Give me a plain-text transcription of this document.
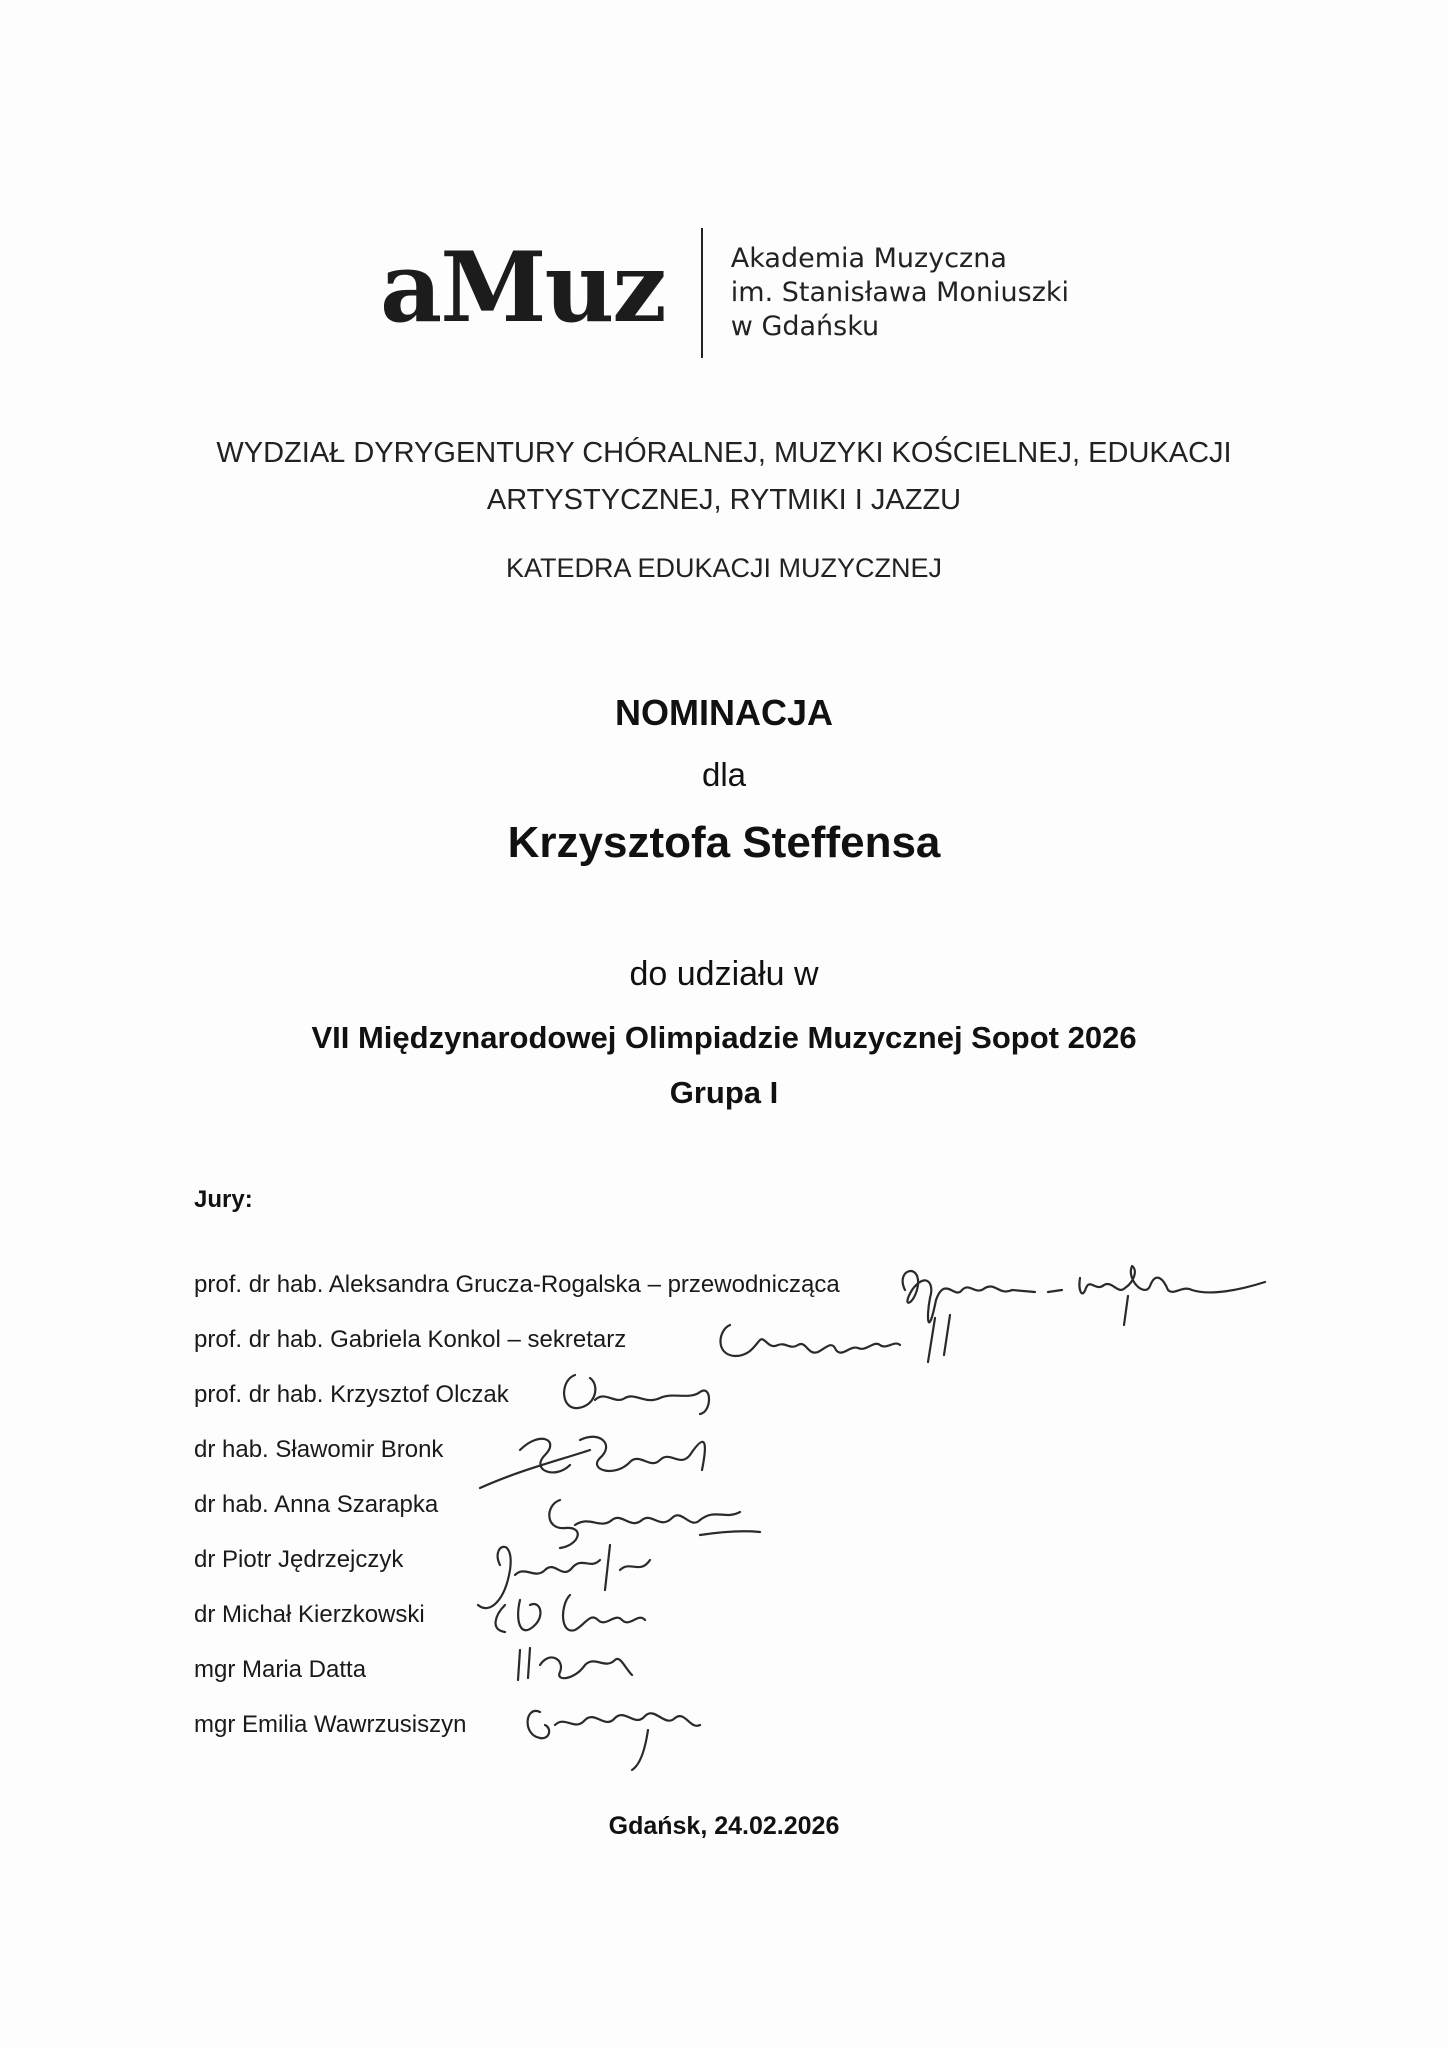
aMuz Akademia Muzyczna
im. Stanisława Moniuszki
w Gdańsku
WYDZIAŁ DYRYGENTURY CHÓRALNEJ, MUZYKI KOŚCIELNEJ, EDUKACJI
ARTYSTYCZNEJ, RYTMIKI I JAZZU
KATEDRA EDUKACJI MUZYCZNEJ
NOMINACJA
dla
Krzysztofa Steffensa
do udziału w
VII Międzynarodowej Olimpiadzie Muzycznej Sopot 2026
Grupa I
Jury:
prof. dr hab. Aleksandra Grucza-Rogalska – przewodnicząca
prof. dr hab. Gabriela Konkol – sekretarz
prof. dr hab. Krzysztof Olczak
dr hab. Sławomir Bronk
dr hab. Anna Szarapka
dr Piotr Jędrzejczyk
dr Michał Kierzkowski
mgr Maria Datta
mgr Emilia Wawrzusiszyn
Gdańsk, 24.02.2026
